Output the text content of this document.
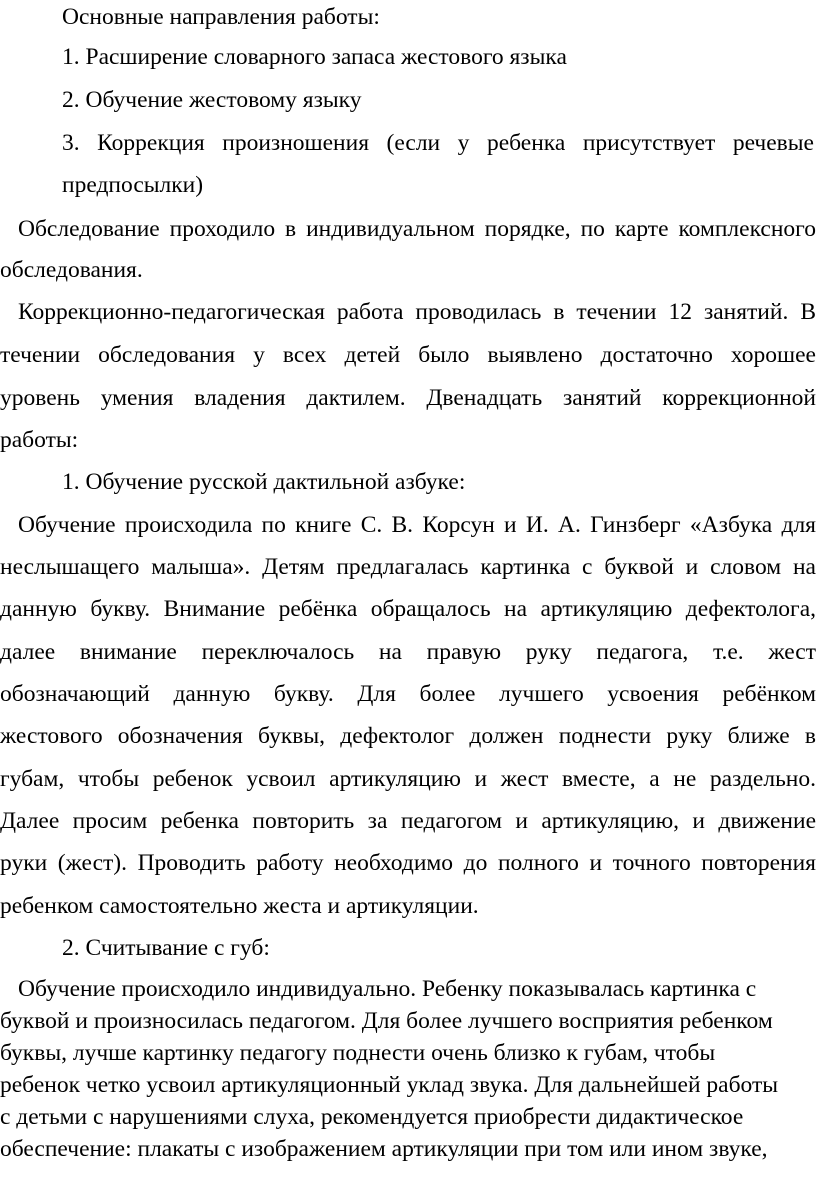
Основные направления работы:
1. Расширение словарного запаса жестового языка
2. Обучение жестовому языку
3. Коррекция произношения (если у ребенка присутствует речевые
предпосылки)
Обследование проходило в индивидуальном порядке, по карте комплексного
обследования.
Коррекционно-педагогическая работа проводилась в течении 12 занятий. В
течении обследования у всех детей было выявлено достаточно хорошее
уровень умения владения дактилем. Двенадцать занятий коррекционной
работы:
1. Обучение русской дактильной азбуке:
Обучение происходила по книге С. В. Корсун и И. А. Гинзберг «Азбука для
неслышащего малыша». Детям предлагалась картинка с буквой и словом на
данную букву. Внимание ребёнка обращалось на артикуляцию дефектолога,
далее внимание переключалось на правую руку педагога, т.е. жест
обозначающий данную букву. Для более лучшего усвоения ребёнком
жестового обозначения буквы, дефектолог должен поднести руку ближе в
губам, чтобы ребенок усвоил артикуляцию и жест вместе, а не раздельно.
Далее просим ребенка повторить за педагогом и артикуляцию, и движение
руки (жест). Проводить работу необходимо до полного и точного повторения
ребенком самостоятельно жеста и артикуляции.
2. Считывание с губ:
Обучение происходило индивидуально. Ребенку показывалась картинка с
буквой и произносилась педагогом. Для более лучшего восприятия ребенком
буквы, лучше картинку педагогу поднести очень близко к губам, чтобы
ребенок четко усвоил артикуляционный уклад звука. Для дальнейшей работы
с детьми с нарушениями слуха, рекомендуется приобрести дидактическое
обеспечение: плакаты с изображением артикуляции при том или ином звуке,
